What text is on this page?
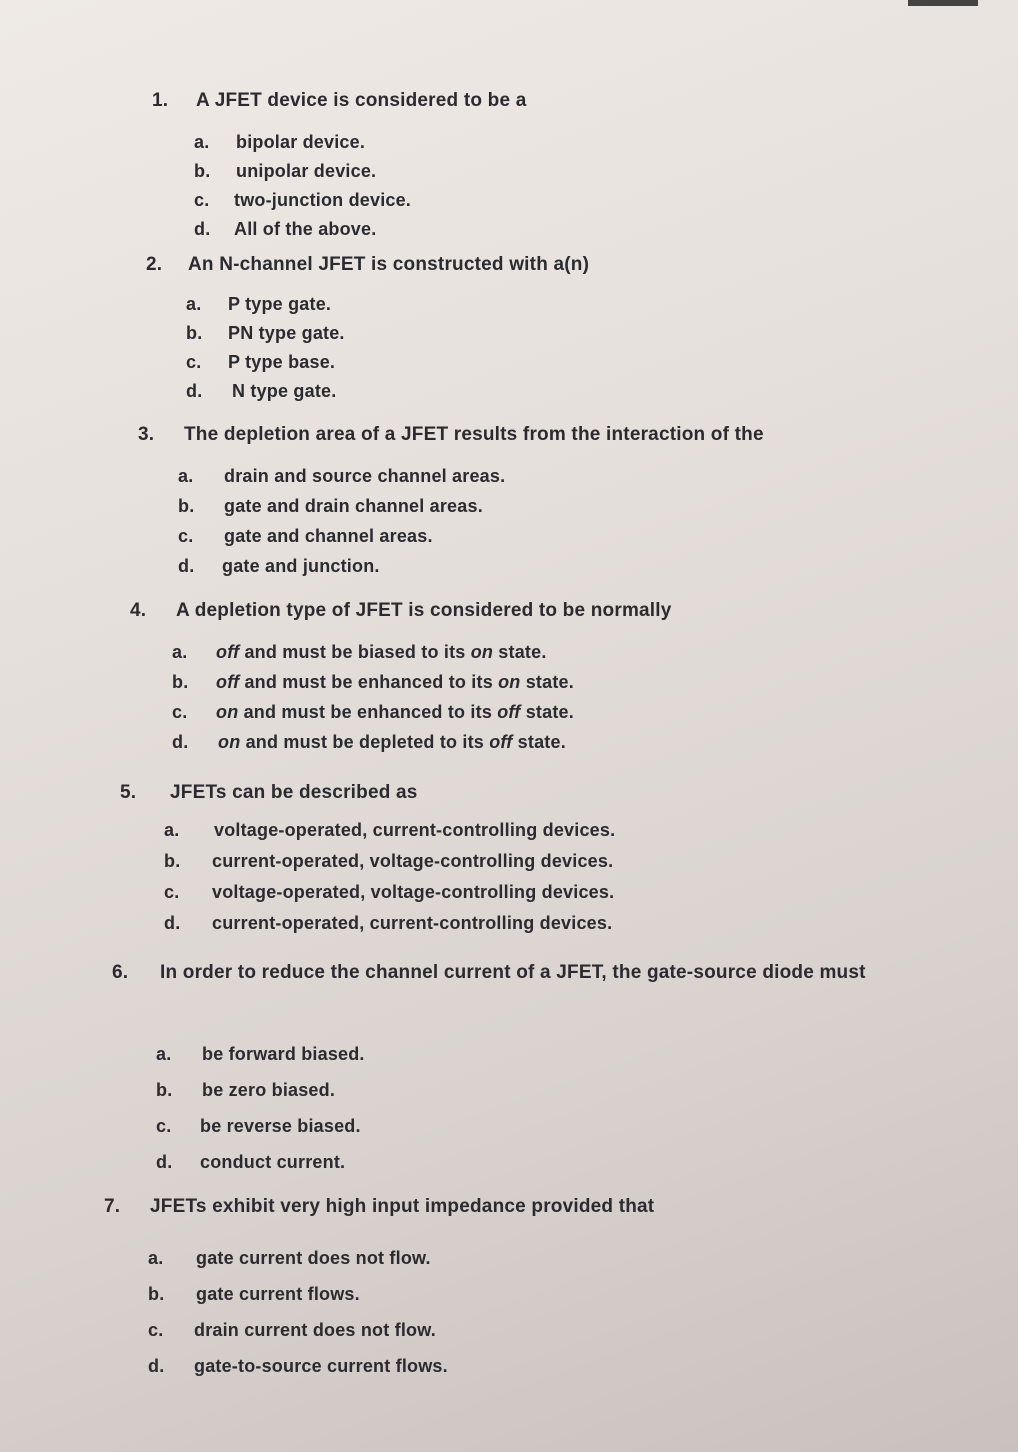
1. A JFET device is considered to be a
a. bipolar device.
b. unipolar device.
c. two-junction device.
d. All of the above.
2. An N-channel JFET is constructed with a(n)
a. P type gate.
b. PN type gate.
c. P type base.
d. N type gate.
3. The depletion area of a JFET results from the interaction of the
a. drain and source channel areas.
b. gate and drain channel areas.
c. gate and channel areas.
d. gate and junction.
4. A depletion type of JFET is considered to be normally
a. off and must be biased to its on state.
b. off and must be enhanced to its on state.
c. on and must be enhanced to its off state.
d. on and must be depleted to its off state.
5. JFETs can be described as
a. voltage-operated, current-controlling devices.
b. current-operated, voltage-controlling devices.
c. voltage-operated, voltage-controlling devices.
d. current-operated, current-controlling devices.
6. In order to reduce the channel current of a JFET, the gate-source diode must
a. be forward biased.
b. be zero biased.
c. be reverse biased.
d. conduct current.
7. JFETs exhibit very high input impedance provided that
a. gate current does not flow.
b. gate current flows.
c. drain current does not flow.
d. gate-to-source current flows.
